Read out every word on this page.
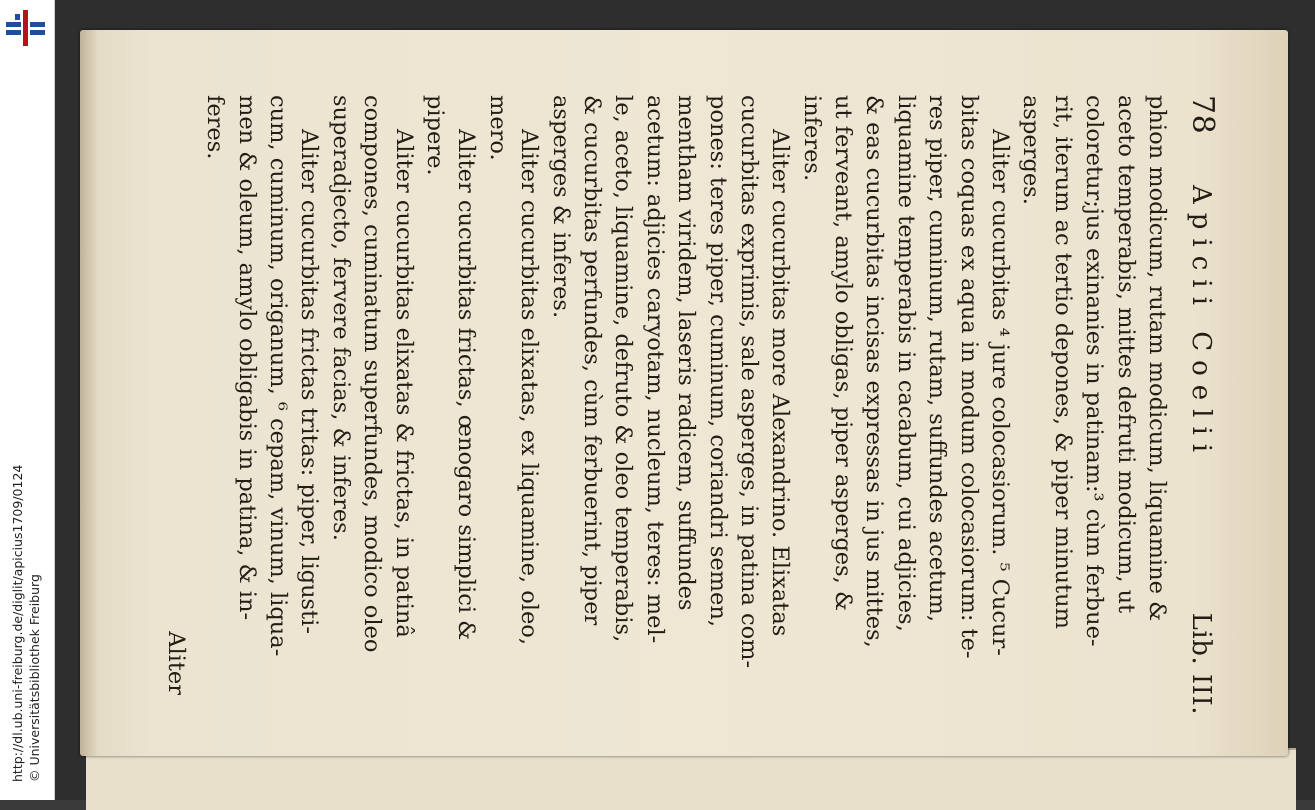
http://dl.ub.uni-freiburg.de/diglit/apicius1709/0124 © Universitätsbibliothek Freiburg
78
Apicii Coelii
Lib. III.
phion modicum, rutam modicum, liquamine &
aceto temperabis, mittes defruti modicum, ut
coloretur;jus exinanies in patinam:³ cùm ferbue-
rit, iterum ac tertio depones, & piper minutum
asperges.
Aliter cucurbitas ⁴ jure colocasiorum. ⁵ Cucur-
bitas coquas ex aqua in modum colocasiorum: te-
res piper, cuminum, rutam, suffundes acetum,
liquamine temperabis in cacabum, cui adjicies,
& eas cucurbitas incisas expressas in jus mittes,
ut ferveant, amylo obligas, piper asperges, &
inferes.
Aliter cucurbitas more Alexandrino. Elixatas
cucurbitas exprimis, sale asperges, in patina com-
pones: teres piper, cuminum, coriandri semen,
mentham viridem, laseris radicem, suffundes
acetum: adjicies caryotam, nucleum, teres: mel-
le, aceto, liquamine, defruto & oleo temperabis,
& cucurbitas perfundes, cùm ferbuerint, piper
asperges & inferes.
Aliter cucurbitas elixatas, ex liquamine, oleo,
mero.
Aliter cucurbitas frictas, œnogaro simplici &
pipere.
Aliter cucurbitas elixatas & frictas, in patinâ
compones, cuminatum superfundes, modico oleo
superadjecto, fervere facias, & inferes.
Aliter cucurbitas frictas tritas: piper, ligusti-
cum, cuminum, origanum, ⁶ cepam, vinum, liqua-
men & oleum, amylo obligabis in patina, & in-
feres.
Aliter
